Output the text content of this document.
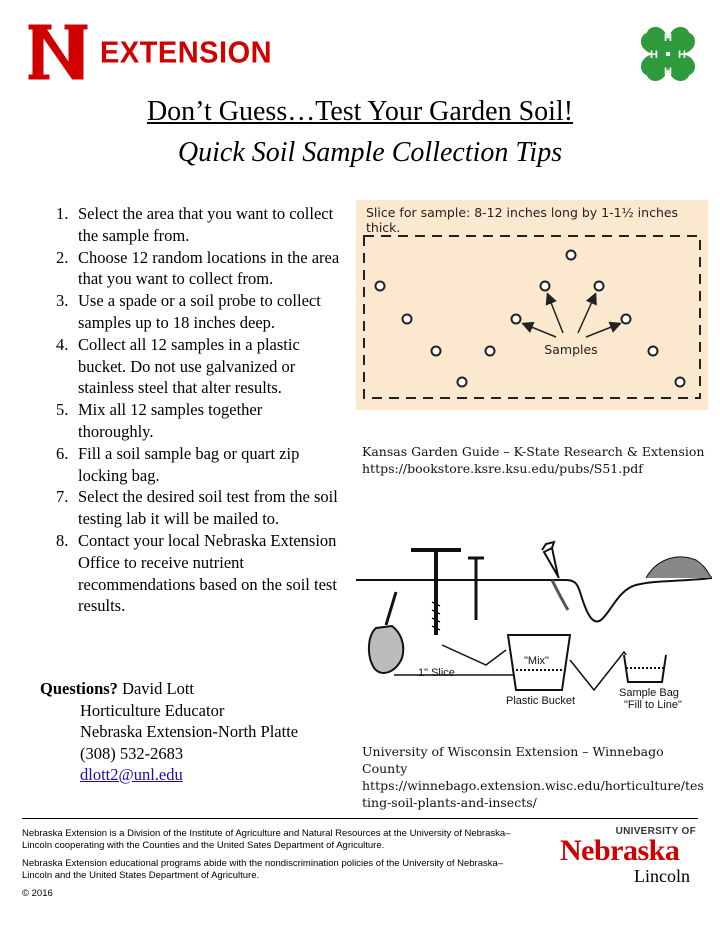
EXTENSION	H
H
H
H
Don’t Guess…Test Your Garden Soil!
Quick Soil Sample Collection Tips
1. Select the area that you want to collect the sample from.
2. Choose 12 random locations in the area that you want to collect from.
3. Use a spade or a soil probe to collect samples up to 18 inches deep.
4. Collect all 12 samples in a plastic bucket. Do not use galvanized or stainless steel that alter results.
5. Mix all 12 samples together thoroughly.
6. Fill a soil sample bag or quart zip locking bag.
7. Select the desired soil test from the soil testing lab it will be mailed to.
8. Contact your local Nebraska Extension Office to receive nutrient recommendations based on the soil test results.
Questions? David Lott
Horticulture Educator
Nebraska Extension-North Platte
(308) 532-2683
dlott2@unl.edu
Samples
Slice for sample: 8-12 inches long by 1-1½ inches thick.
Kansas Garden Guide – K-State Research & Extension
https://bookstore.ksre.ksu.edu/pubs/S51.pdf
1" Slice
"Mix"
Plastic Bucket
Sample Bag
"Fill to Line"
University of Wisconsin Extension – Winnebago County
https://winnebago.extension.wisc.edu/horticulture/tes
ting-soil-plants-and-insects/

Nebraska Extension is a Division of the Institute of Agriculture and Natural Resources at the University of Nebraska–Lincoln cooperating with the Counties and the United Sates Department of Agriculture.

Nebraska Extension educational programs abide with the nondiscrimination policies of the University of Nebraska–Lincoln and the United States Department of Agriculture.

© 2016

UNIVERSITY OF
Nebraska
Lincoln
